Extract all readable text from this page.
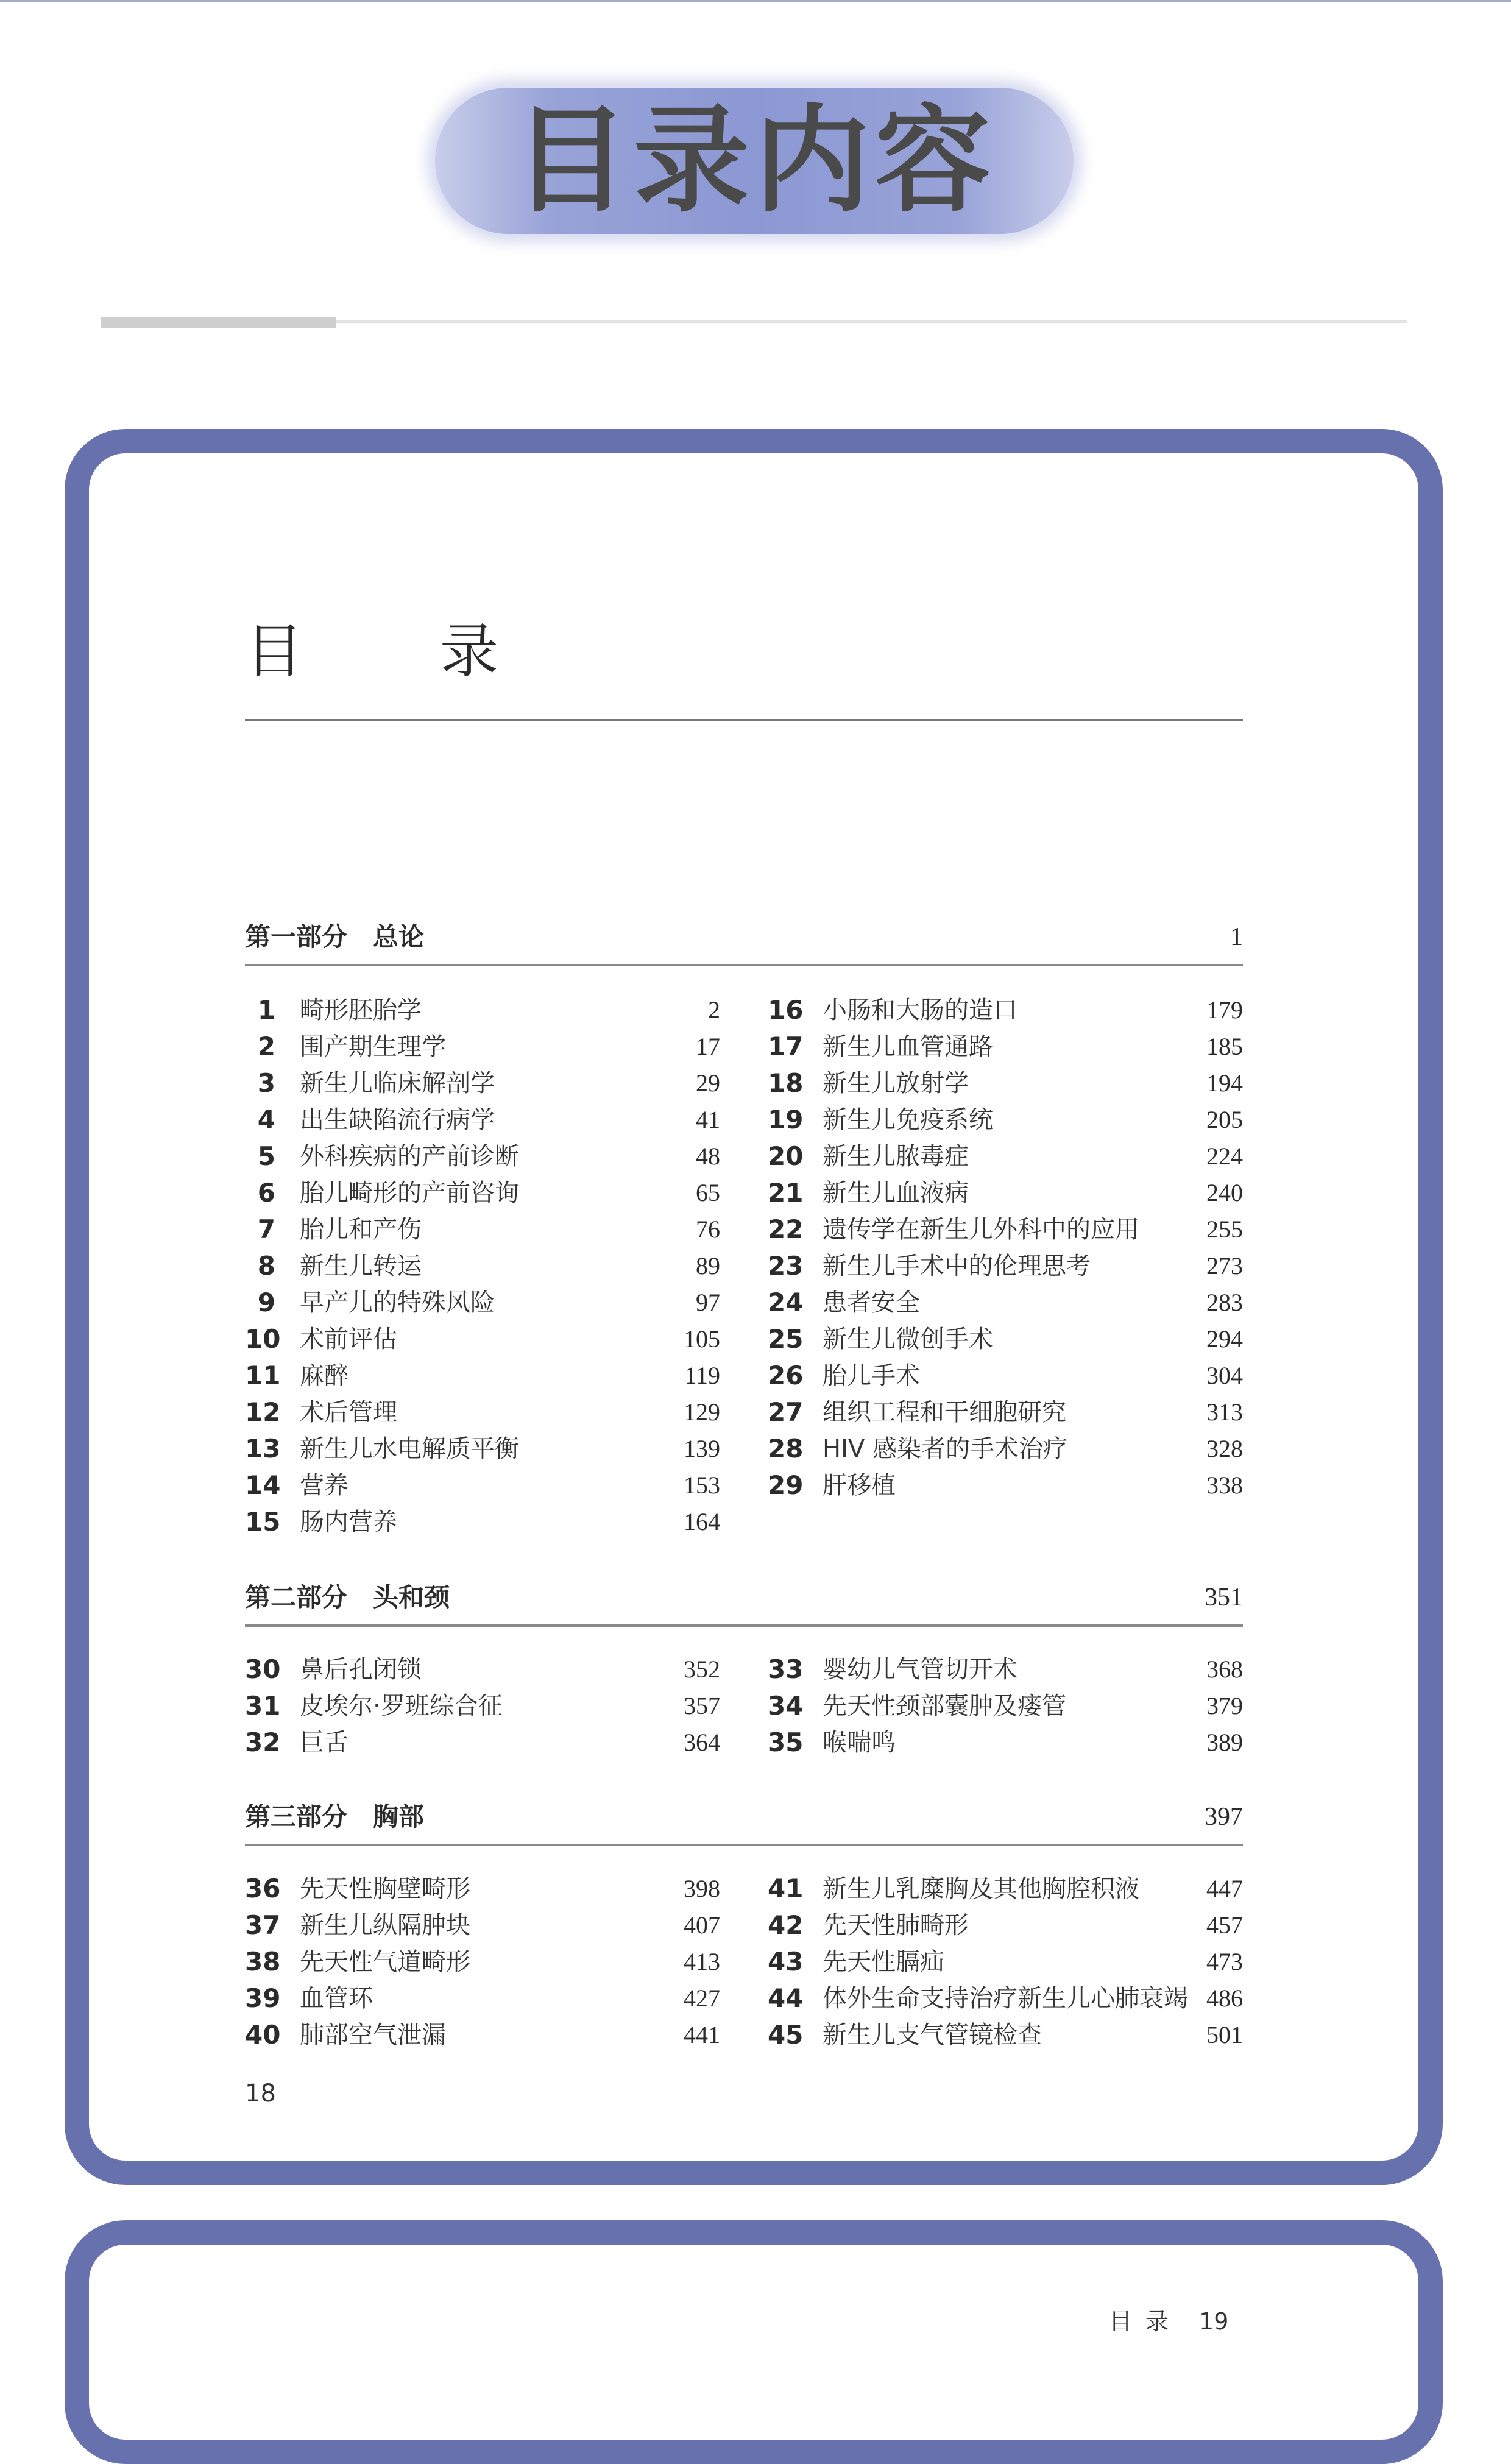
目录内容
目　录
第一部分　总论	1
1 畸形胚胎学	2
2 围产期生理学	17
3 新生儿临床解剖学	29
4 出生缺陷流行病学	41
5 外科疾病的产前诊断	48
6 胎儿畸形的产前咨询	65
7 胎儿和产伤	76
8 新生儿转运	89
9 早产儿的特殊风险	97
10 术前评估	105
11 麻醉	119
12 术后管理	129
13 新生儿水电解质平衡	139
14 营养	153
15 肠内营养	164
16 小肠和大肠的造口	179
17 新生儿血管通路	185
18 新生儿放射学	194
19 新生儿免疫系统	205
20 新生儿脓毒症	224
21 新生儿血液病	240
22 遗传学在新生儿外科中的应用	255
23 新生儿手术中的伦理思考	273
24 患者安全	283
25 新生儿微创手术	294
26 胎儿手术	304
27 组织工程和干细胞研究	313
28 HIV 感染者的手术治疗	328
29 肝移植	338
第二部分　头和颈	351
30 鼻后孔闭锁	352
31 皮埃尔·罗班综合征	357
32 巨舌	364
33 婴幼儿气管切开术	368
34 先天性颈部囊肿及瘘管	379
35 喉喘鸣	389
第三部分　胸部	397
36 先天性胸壁畸形	398
37 新生儿纵隔肿块	407
38 先天性气道畸形	413
39 血管环	427
40 肺部空气泄漏	441
41 新生儿乳糜胸及其他胸腔积液	447
42 先天性肺畸形	457
43 先天性膈疝	473
44 体外生命支持治疗新生儿心肺衰竭 486
45 新生儿支气管镜检查	501
18
目 录 19
